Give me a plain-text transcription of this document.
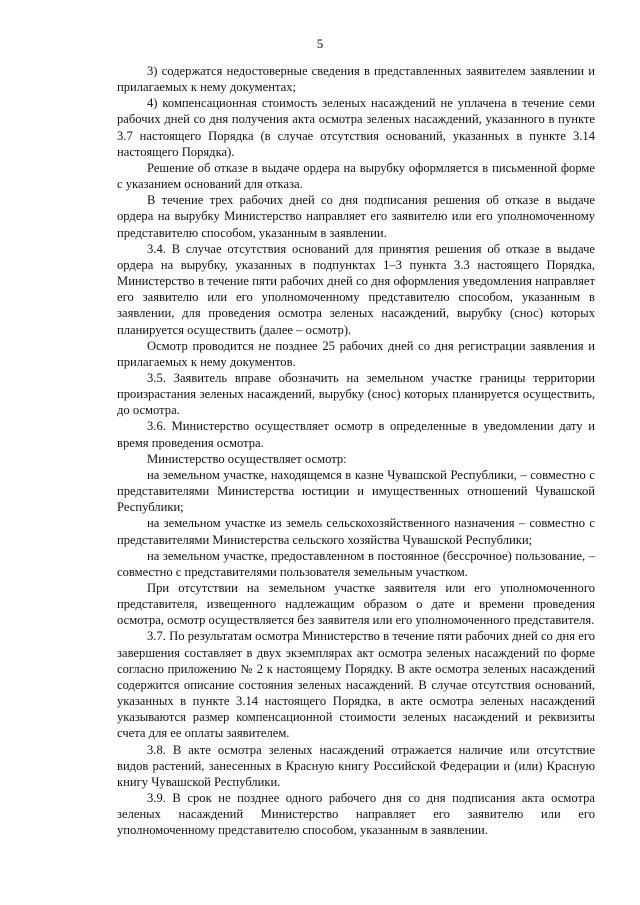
5

3) содержатся недостоверные сведения в представленных заявителем заявлении и прилагаемых к нему документах;

4) компенсационная стоимость зеленых насаждений не уплачена в течение семи рабочих дней со дня получения акта осмотра зеленых насаждений, указанного в пункте 3.7 настоящего Порядка (в случае отсутствия оснований, указанных в пункте 3.14 настоящего Порядка).

Решение об отказе в выдаче ордера на вырубку оформляется в письменной форме с указанием оснований для отказа.

В течение трех рабочих дней со дня подписания решения об отказе в выдаче ордера на вырубку Министерство направляет его заявителю или его уполномоченному представителю способом, указанным в заявлении.

3.4. В случае отсутствия оснований для принятия решения об отказе в выдаче ордера на вырубку, указанных в подпунктах 1–3 пункта 3.3 настоящего Порядка, Министерство в течение пяти рабочих дней со дня оформления уведомления направляет его заявителю или его уполномоченному представителю способом, указанным в заявлении, для проведения осмотра зеленых насаждений, вырубку (снос) которых планируется осуществить (далее – осмотр).

Осмотр проводится не позднее 25 рабочих дней со дня регистрации заявления и прилагаемых к нему документов.

3.5. Заявитель вправе обозначить на земельном участке границы территории произрастания зеленых насаждений, вырубку (снос) которых планируется осуществить, до осмотра.

3.6. Министерство осуществляет осмотр в определенные в уведомлении дату и время проведения осмотра.

Министерство осуществляет осмотр:

на земельном участке, находящемся в казне Чувашской Республики, – совместно с представителями Министерства юстиции и имущественных отношений Чувашской Республики;

на земельном участке из земель сельскохозяйственного назначения – совместно с представителями Министерства сельского хозяйства Чувашской Республики;

на земельном участке, предоставленном в постоянное (бессрочное) пользование, – совместно с представителями пользователя земельным участком.

При отсутствии на земельном участке заявителя или его уполномоченного представителя, извещенного надлежащим образом о дате и времени проведения осмотра, осмотр осуществляется без заявителя или его уполномоченного представителя.

3.7. По результатам осмотра Министерство в течение пяти рабочих дней со дня его завершения составляет в двух экземплярах акт осмотра зеленых насаждений по форме согласно приложению № 2 к настоящему Порядку. В акте осмотра зеленых насаждений содержится описание состояния зеленых насаждений. В случае отсутствия оснований, указанных в пункте 3.14 настоящего Порядка, в акте осмотра зеленых насаждений указываются размер компенсационной стоимости зеленых насаждений и реквизиты счета для ее оплаты заявителем.

3.8. В акте осмотра зеленых насаждений отражается наличие или отсутствие видов растений, занесенных в Красную книгу Российской Федерации и (или) Красную книгу Чувашской Республики.

3.9. В срок не позднее одного рабочего дня со дня подписания акта осмотра зеленых насаждений Министерство направляет его заявителю или его уполномоченному представителю способом, указанным в заявлении.
